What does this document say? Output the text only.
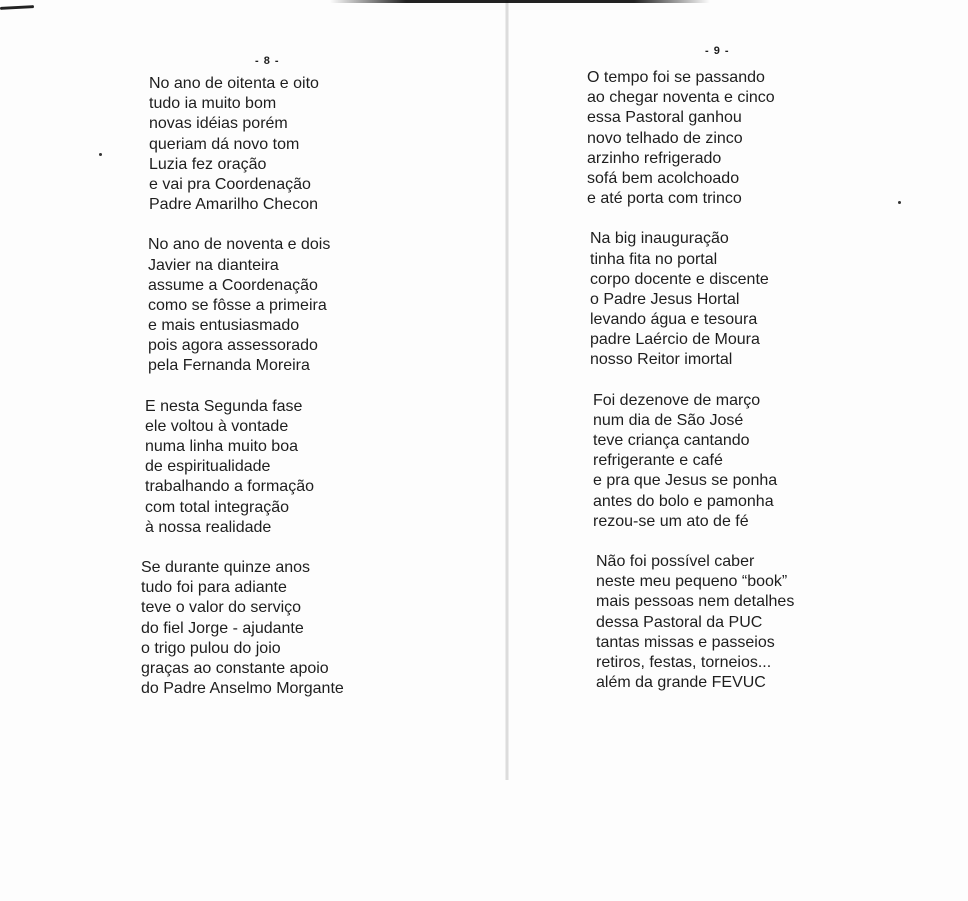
- 8 -
No ano de oitenta e oito
tudo ia muito bom
novas idéias porém
queriam dá novo tom
Luzia fez oração
e vai pra Coordenação
Padre Amarilho Checon
No ano de noventa e dois
Javier na dianteira
assume a Coordenação
como se fôsse a primeira
e mais entusiasmado
pois agora assessorado
pela Fernanda Moreira
E nesta Segunda fase
ele voltou à vontade
numa linha muito boa
de espiritualidade
trabalhando a formação
com total integração
à nossa realidade
Se durante quinze anos
tudo foi para adiante
teve o valor do serviço
do fiel Jorge - ajudante
o trigo pulou do joio
graças ao constante apoio
do Padre Anselmo Morgante
- 9 -
O tempo foi se passando
ao chegar noventa e cinco
essa Pastoral ganhou
novo telhado de zinco
arzinho refrigerado
sofá bem acolchoado
e até porta com trinco
Na big inauguração
tinha fita no portal
corpo docente e discente
o Padre Jesus Hortal
levando água e tesoura
padre Laércio de Moura
nosso Reitor imortal
Foi dezenove de março
num dia de São José
teve criança cantando
refrigerante e café
e pra que Jesus se ponha
antes do bolo e pamonha
rezou-se um ato de fé
Não foi possível caber
neste meu pequeno “book”
mais pessoas nem detalhes
dessa Pastoral da PUC
tantas missas e passeios
retiros, festas, torneios...
além da grande FEVUC
